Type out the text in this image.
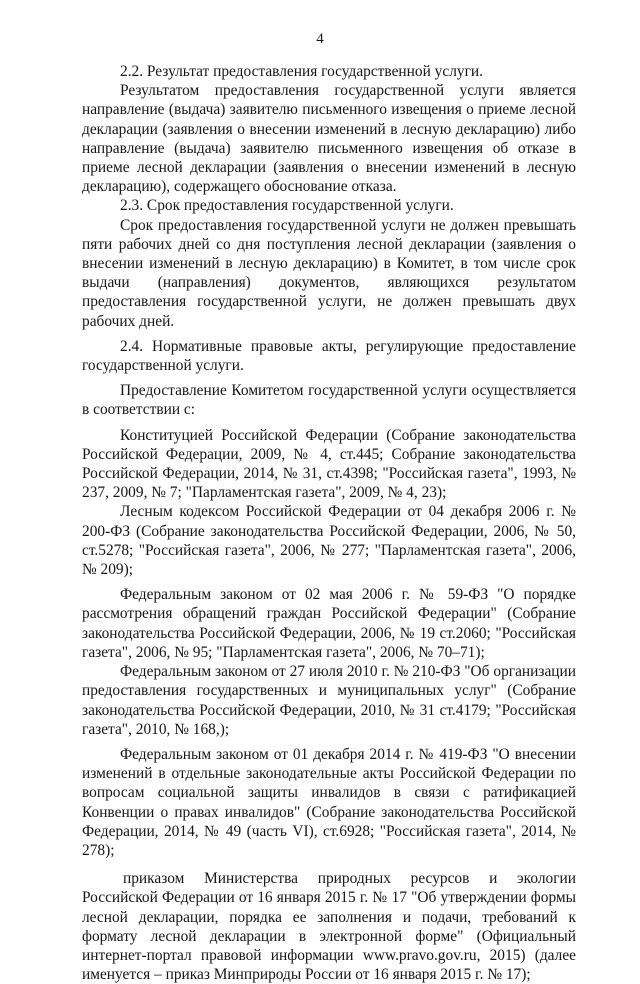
4

2.2. Результат предоставления государственной услуги.

Результатом предоставления государственной услуги является направление (выдача) заявителю письменного извещения о приеме лесной декларации (заявления о внесении изменений в лесную декларацию) либо направление (выдача) заявителю письменного извещения об отказе в приеме лесной декларации (заявления о внесении изменений в лесную декларацию), содержащего обоснование отказа.

2.3. Срок предоставления государственной услуги.

Срок предоставления государственной услуги не должен превышать пяти рабочих дней со дня поступления лесной декларации (заявления о внесении изменений в лесную декларацию) в Комитет, в том числе срок выдачи (направления) документов, являющихся результатом предоставления государственной услуги, не должен превышать двух рабочих дней.

2.4. Нормативные правовые акты, регулирующие предоставление государственной услуги.

Предоставление Комитетом государственной услуги осуществляется в соответствии с:

Конституцией Российской Федерации (Собрание законодательства Российской Федерации, 2009, № 4, ст.445; Собрание законодательства Российской Федерации, 2014, № 31, ст.4398; "Российская газета", 1993, № 237, 2009, № 7; "Парламентская газета", 2009, № 4, 23);

Лесным кодексом Российской Федерации от 04 декабря 2006 г. № 200-ФЗ (Собрание законодательства Российской Федерации, 2006, № 50, ст.5278; "Российская газета", 2006, № 277; "Парламентская газета", 2006, № 209);

Федеральным законом от 02 мая 2006 г. № 59-ФЗ "О порядке рассмотрения обращений граждан Российской Федерации" (Собрание законодательства Российской Федерации, 2006, № 19 ст.2060; "Российская газета", 2006, № 95; "Парламентская газета", 2006, № 70–71);

Федеральным законом от 27 июля 2010 г. № 210-ФЗ "Об организации предоставления государственных и муниципальных услуг" (Собрание законодательства Российской Федерации, 2010, № 31 ст.4179; "Российская газета", 2010, № 168,);

Федеральным законом от 01 декабря 2014 г. № 419-ФЗ "О внесении изменений в отдельные законодательные акты Российской Федерации по вопросам социальной защиты инвалидов в связи с ратификацией Конвенции о правах инвалидов" (Собрание законодательства Российской Федерации, 2014, № 49 (часть VI), ст.6928; "Российская газета", 2014, № 278);

приказом Министерства природных ресурсов и экологии Российской Федерации от 16 января 2015 г. № 17 "Об утверждении формы лесной декларации, порядка ее заполнения и подачи, требований к формату лесной декларации в электронной форме" (Официальный интернет-портал правовой информации www.pravo.gov.ru, 2015) (далее именуется – приказ Минприроды России от 16 января 2015 г. № 17);
